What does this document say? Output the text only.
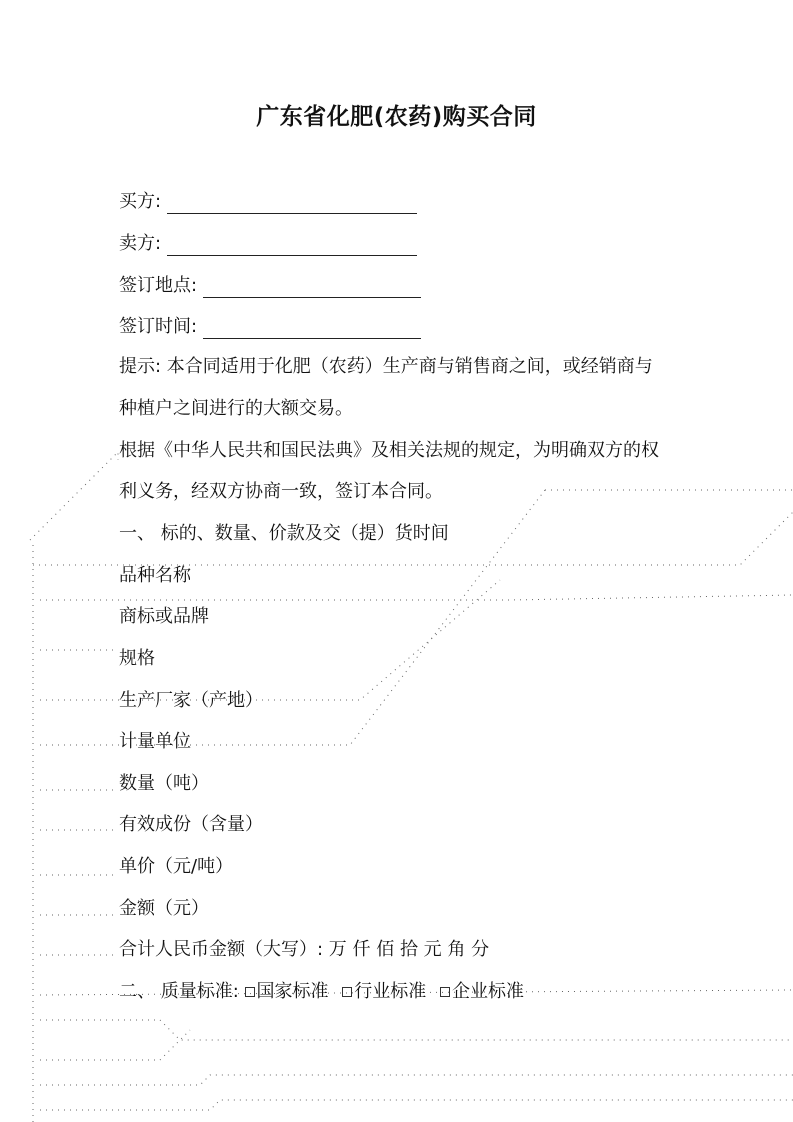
广东省化肥(农药)购买合同
买方:
卖方:
签订地点:
签订时间:
提示: 本合同适用于化肥（农药）生产商与销售商之间，或经销商与
种植户之间进行的大额交易。
根据《中华人民共和国民法典》及相关法规的规定，为明确双方的权
利义务，经双方协商一致，签订本合同。
一、 标的、数量、价款及交（提）货时间
品种名称
商标或品牌
规格
生产厂家（产地）
计量单位
数量（吨）
有效成份（含量）
单价（元/吨）
金额（元）
合计人民币金额（大写）: 万 仟 佰 拾 元 角 分
二、 质量标准: 国家标准 行业标准 企业标准
